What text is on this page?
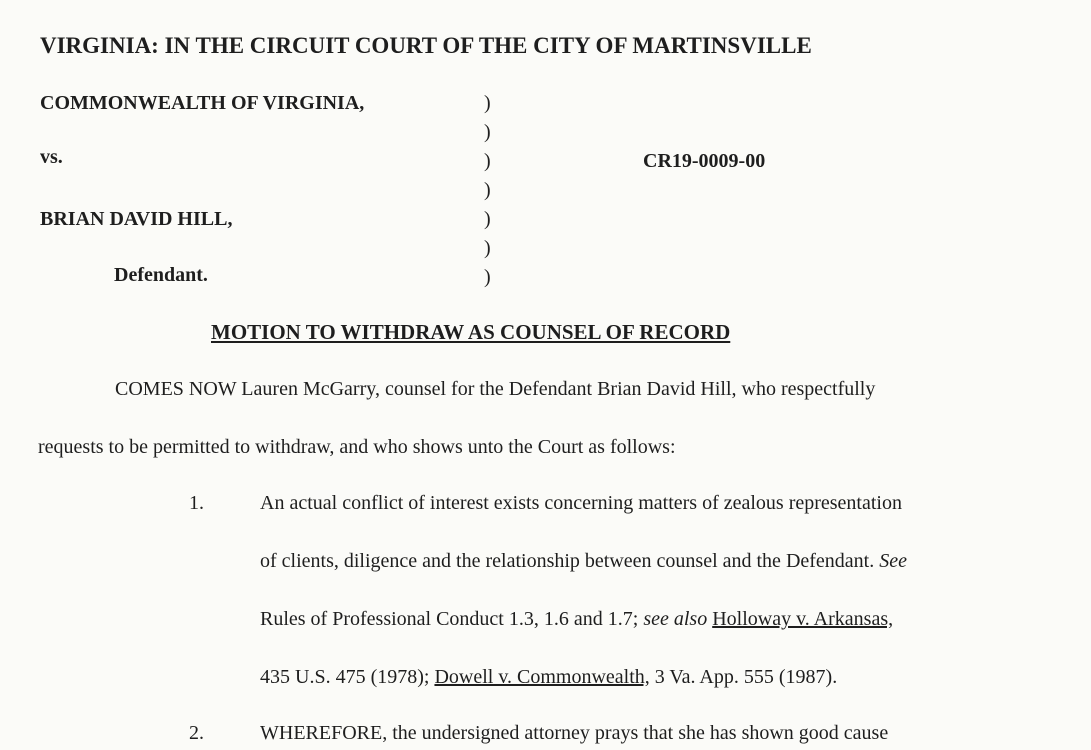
VIRGINIA: IN THE CIRCUIT COURT OF THE CITY OF MARTINSVILLE
COMMONWEALTH OF VIRGINIA,
vs.
BRIAN DAVID HILL,
Defendant.
CR19-0009-00
)
)
)
)
)
)
)
MOTION TO WITHDRAW AS COUNSEL OF RECORD
COMES NOW Lauren McGarry, counsel for the Defendant Brian David Hill, who respectfully
requests to be permitted to withdraw, and who shows unto the Court as follows:
1.	An actual conflict of interest exists concerning matters of zealous representation
of clients, diligence and the relationship between counsel and the Defendant. See
Rules of Professional Conduct 1.3, 1.6 and 1.7; see also Holloway v. Arkansas,
435 U.S. 475 (1978); Dowell v. Commonwealth, 3 Va. App. 555 (1987).
2.	WHEREFORE, the undersigned attorney prays that she has shown good cause
